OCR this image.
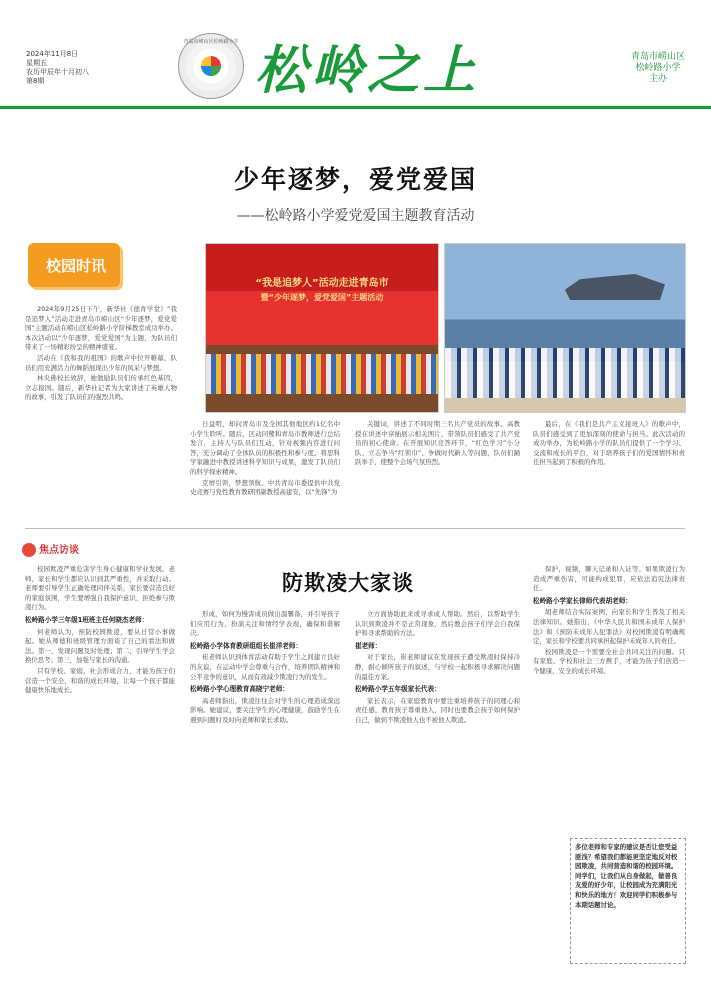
2024年11月8日
星期五
农历甲辰年十月初八
第8期
青岛市崂山区松岭路小学 松岭之上	青岛市崂山区
松岭路小学
主办
少年逐梦，爱党爱国
——松岭路小学爱党爱国主题教育活动
校园时讯
“我是追梦人”活动走进青岛市
暨“少年逐梦，爱党爱国”主题活动

2024年9月25日下午，新华社《德育学堂》“我是追梦人”活动走进青岛市崂山区“少年逐梦，爱党爱国”主题活动在崂山区松岭路小学阶梯教室成功举办。本次活动以“少年逐梦，爱党爱国”为主题，为队员们带来了一场精彩纷呈的精神盛宴。

活动在《我和我的祖国》的歌声中拉开帷幕，队员们用充满活力的舞蹈展现出少年的风采与梦想。

林央佛校长致辞，她勉励队员们传承红色基因，立志报国。随后，新华社记者为大家讲述了英雄人物的故事，引发了队员们的强烈共鸣。

日益明，却问青岛市及全国其他地区约1亿名中小学生聆听。随后，区动同鹭和青岛市教师进行总结发言，主持人与队员们互动，针对视频内容进行问答，充分调动了全体队员的积极性和参与度。将思科学家融进中教授讲述科学知识与成果，激发了队员们的科学探索精神。

克磨引领，梦想领航。中共青岛市委提供中共党史竞赛与党性教育教研团副教授高建安，以“先锋”为

关键词，讲述了不同时期三名共产党员的故事。高教授在讲述中穿插展示相关图片，带领队员们感受了共产党员的初心使命。在开展知识竞答环节，“红色学习”小分队、立志争当“红领巾”、争做时代新人等问题，队员们踊跃举手，使整个会场气氛热烈。

最后，在《我们是共产主义接班人》的歌声中，队员们感受到了更加深刻的使命与担当。此次活动的成功举办，为松岭路小学的队员们提供了一个学习、交流和成长的平台，对于培养孩子们的爱国情怀和责任担当起到了积极的作用。

焦点访谈
防欺凌大家谈

校园欺凌严重危害学生身心健康和学业发展。老师、家长和学生都应认识到其严重性，并采取行动。老师要引导学生正确处理同伴关系，家长要营造良好的家庭氛围，学生要增强自我保护意识，拒绝参与欺凌行为。

松岭路小学三年级1班班主任何晓杰老师：

何老师认为，预防校园欺凌，要从日常小事做起。她从师德和班级管理方面谈了自己的看法和做法。第一，发现问题及时处理；第二，引导学生学会换位思考；第三，加强与家长的沟通。

只有学校、家庭、社会形成合力，才能为孩子们营造一个安全、和谐的成长环境，让每一个孩子都能健康快乐地成长。

形成，如何为慢害成员做出温馨备，并引导孩子们应用行为，扮演关注和情经学表现，确保和谐解决。

松岭路小学体育教研组组长崔洋老师：

崔老师认识到体育活动有助于学生之间建立良好的友谊，在运动中学会尊重与合作，培养团队精神和公平竞争的意识，从而有效减少欺凌行为的发生。

松岭路小学心理教育高晓宁老师：

高老师指出，欺凌往往会对学生的心理造成深远影响。她建议，要关注学生的心理健康，鼓励学生在遇到问题时及时向老师和家长求助。

立方面协助此来或寻求成人帮助。然后，以帮助学生认识到欺凌并不是正常现象，然后教会孩子们学会自我保护和寻求帮助的方法。

崔老师：

对于家长，崔老师建议在发现孩子遭受欺凌时保持冷静，耐心倾听孩子的叙述，与学校一起积极寻求解决问题的最佳方案。

松岭路小学五年级家长代表：

家长表示，在家庭教育中要注重培养孩子的同理心和责任感，教育孩子尊重他人，同时也要教会孩子如何保护自己，做到不欺凌他人也不被他人欺凌。

保护，视频，聊天记录和人证等。如果欺凌行为造成严重伤害，可能构成犯罪，应依法追究法律责任。

松岭路小学家长律师代表胡老师：

胡老师结合实际案例，向家长和学生普及了相关法律知识。她指出，《中华人民共和国未成年人保护法》和《预防未成年人犯罪法》对校园欺凌有明确规定，家长和学校要共同承担起保护未成年人的责任。

校园欺凌是一个需要全社会共同关注的问题。只有家庭、学校和社会三方携手，才能为孩子们创造一个健康、安全的成长环境。

多位老师和专家的建议是否让您受益匪浅？希望我们都能更坚定地反对校园欺凌，共同营造和谐的校园环境。同学们，让我们从自身做起，做善良友爱的好少年，让校园成为充满阳光和快乐的地方！欢迎同学们积极参与本期话题讨论。
